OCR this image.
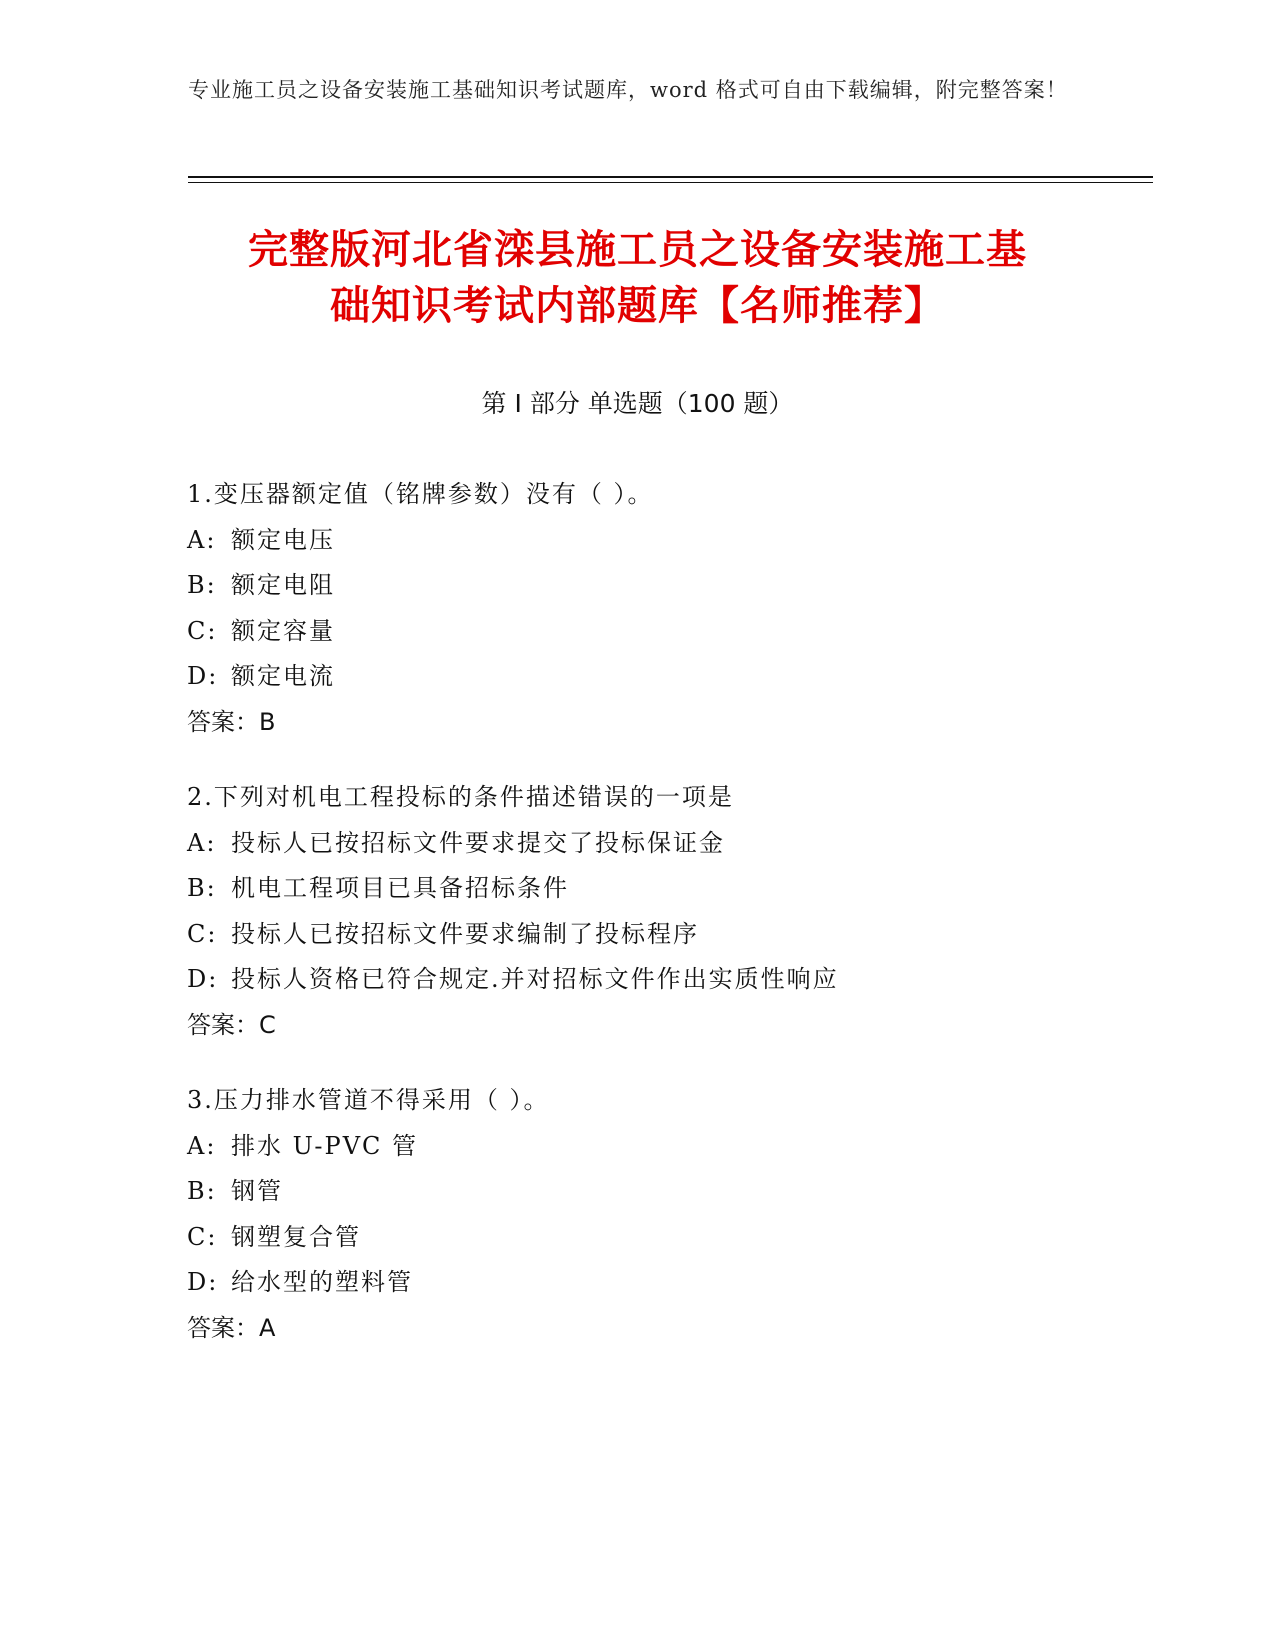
专业施工员之设备安装施工基础知识考试题库，word 格式可自由下载编辑，附完整答案！
完整版河北省滦县施工员之设备安装施工基
础知识考试内部题库【名师推荐】
第 I 部分 单选题（100 题）
1.变压器额定值（铭牌参数）没有（ ）。
A: 额定电压
B: 额定电阻
C: 额定容量
D: 额定电流
答案：B
2.下列对机电工程投标的条件描述错误的一项是
A: 投标人已按招标文件要求提交了投标保证金
B: 机电工程项目已具备招标条件
C: 投标人已按招标文件要求编制了投标程序
D: 投标人资格已符合规定.并对招标文件作出实质性响应
答案：C
3.压力排水管道不得采用（ ）。
A: 排水 U-PVC 管
B: 钢管
C: 钢塑复合管
D: 给水型的塑料管
答案：A
